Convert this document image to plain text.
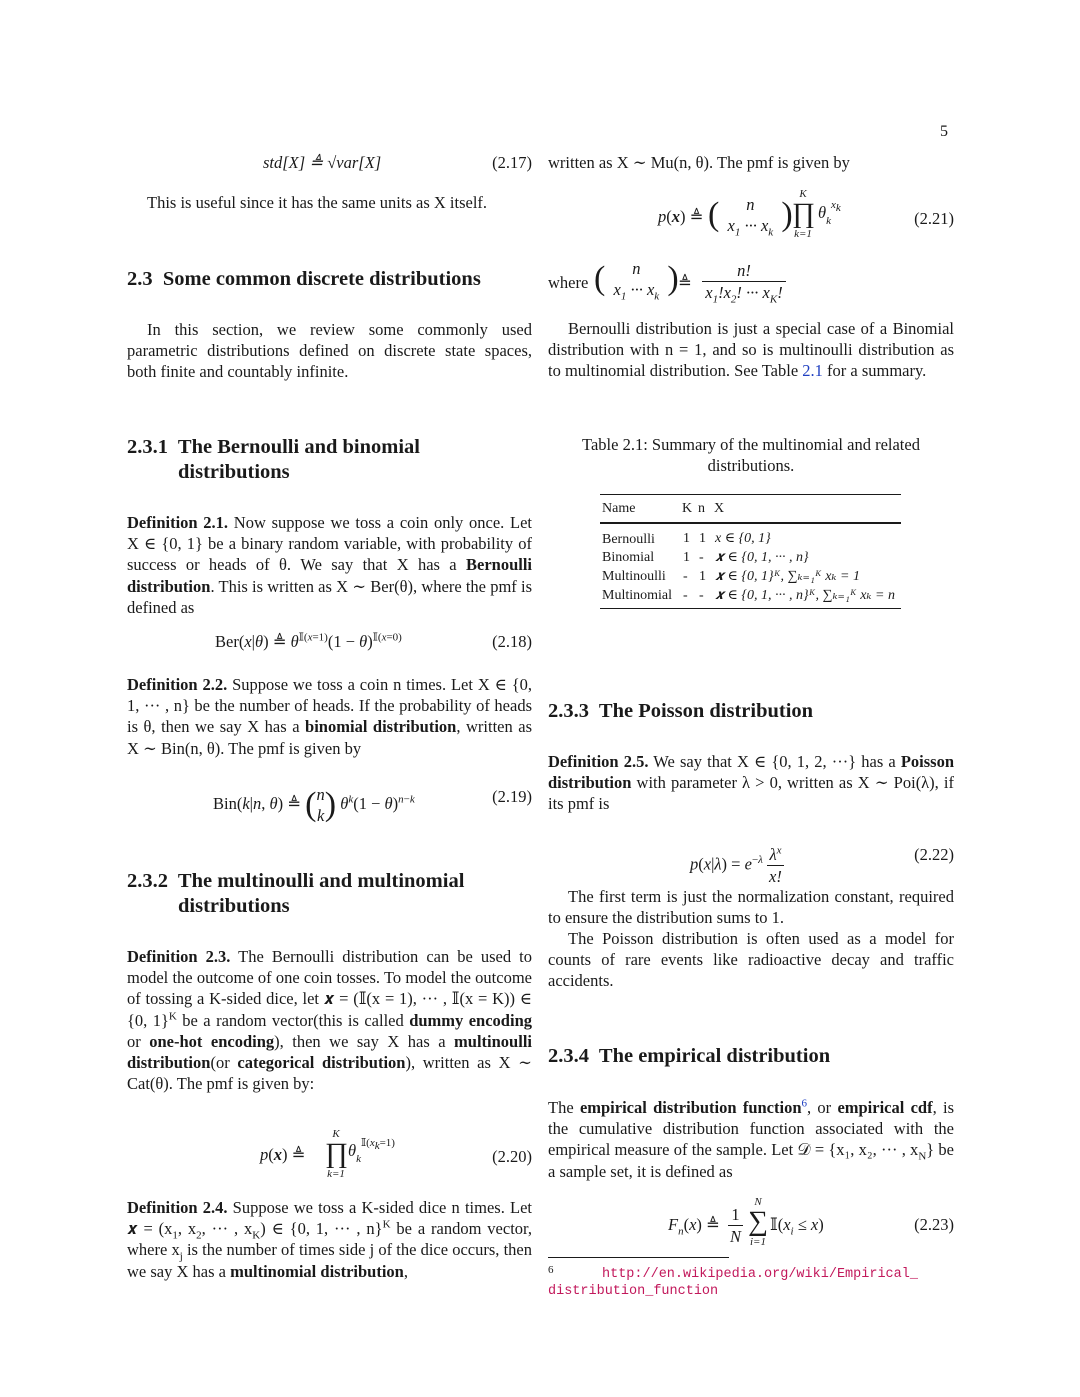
5
std[X] ≜ √var[X]	(2.17)
This is useful since it has the same units as X itself.
2.3 Some common discrete distributions
In this section, we review some commonly used parametric distributions defined on discrete state spaces, both finite and countably infinite.
2.3.1 The Bernoulli and binomial
distributions
Definition 2.1. Now suppose we toss a coin only once. Let X ∈ {0, 1} be a binary random variable, with probability of success or heads of θ. We say that X has a Bernoulli distribution. This is written as X ∼ Ber(θ), where the pmf is defined as
Ber(x|θ) ≜ $\theta^{𝕀(x=1)}(1 - \theta)^{𝕀(x=0)}$	(2.18)
Definition 2.2. Suppose we toss a coin n times. Let X ∈ {0, 1, ··· , n} be the number of heads. If the probability of heads is θ, then we say X has a binomial distribution, written as X ∼ Bin(n, θ). The pmf is given by
Bin(k|n, θ) ≜ ( n
k ) $\theta^k(1 - \theta)^{n-k}$	(2.19)
2.3.2 The multinoulli and multinomial
distributions
Definition 2.3. The Bernoulli distribution can be used to model the outcome of one coin tosses. To model the outcome of tossing a K-sided dice, let 𝒙 = (𝕀(x = 1), ··· , 𝕀(x = K)) ∈ {0, 1}$^K$ be a random vector(this is called dummy encoding or one-hot encoding), then we say X has a multinoulli distribution(or categorical distribution), written as X ∼ Cat(θ). The pmf is given by:
p(x) ≜
K
∏
k=1
$\theta_k^{𝕀(x_k=1)}$
(2.20)
Definition 2.4. Suppose we toss a K-sided dice n times. Let 𝒙 = ($x_1$, $x_2$, ··· , $x_K$) ∈ {0, 1, ··· , n}$^K$ be a random vector, where $x_j$ is the number of times side j of the dice occurs, then we say X has a multinomial distribution,
written as X ∼ Mu(n, θ). The pmf is given by
p(x) ≜ (	n
$x_1$ ··· $x_k$ )
K
∏
k=1
$\theta_k^{x_k}$
(2.21)
where (	n
$x_1$ ··· $x_k$ ) ≜ $\frac{n!}{x_1!x_2! \cdot\cdot\cdot x_K!}$
Bernoulli distribution is just a special case of a Binomial distribution with n = 1, and so is multinoulli distribution as to multinomial distribution. See Table 2.1 for a summary.
Table 2.1: Summary of the multinomial and related
distributions.
Name	K	n	X
Bernoulli	1	1	x ∈ {0, 1}
Binomial	1	-	𝒙 ∈ {0, 1, ··· , n}
Multinoulli	-	1	𝒙 ∈ {0, 1}ᴷ, ∑ₖ₌₁ᴷ xₖ = 1
Multinomial	-	-	𝒙 ∈ {0, 1, ··· , n}ᴷ, ∑ₖ₌₁ᴷ xₖ = n
2.3.3 The Poisson distribution
Definition 2.5. We say that X ∈ {0, 1, 2, ···} has a Poisson distribution with parameter λ > 0, written as X ∼ Poi(λ), if its pmf is
$p(x|\lambda) = e^{-\lambda} \frac{\lambda^x}{x!}$	(2.22)
The first term is just the normalization constant, required to ensure the distribution sums to 1.
The Poisson distribution is often used as a model for counts of rare events like radioactive decay and traffic accidents.
2.3.4 The empirical distribution
The empirical distribution function$^6$, or empirical cdf, is the cumulative distribution function associated with the empirical measure of the sample. Let 𝒟 = {x₁, x₂, ··· , $x_N$} be a sample set, it is defined as
$F_n(x)$ ≜ $\frac{1}{N}$
N
∑
i=1
$𝕀(x_i \le x)$	(2.23)
6	http://en.wikipedia.org/wiki/Empirical_
distribution_function
